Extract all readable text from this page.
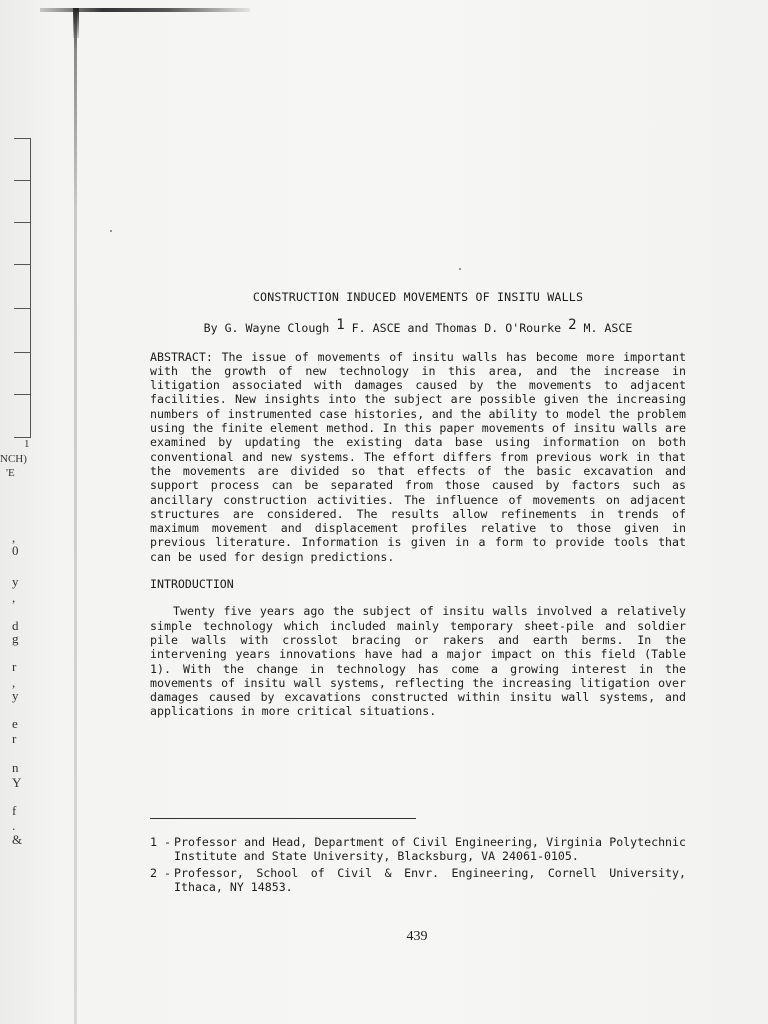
1
NCH)
'E
,
0
y
,
d
g
r
,
y
e
r
n
Y
f
.
&
CONSTRUCTION INDUCED MOVEMENTS OF INSITU WALLS
By G. Wayne Clough $^1$ F. ASCE and Thomas D. O'Rourke $^2$ M. ASCE
ABSTRACT: The issue of movements of insitu walls has become more important with the growth of new technology in this area, and the increase in litigation associated with damages caused by the movements to adjacent facilities. New insights into the subject are possible given the increasing numbers of instrumented case histories, and the ability to model the problem using the finite element method. In this paper movements of insitu walls are examined by updating the existing data base using information on both conventional and new systems. The effort differs from previous work in that the movements are divided so that effects of the basic excavation and support process can be separated from those caused by factors such as ancillary construction activities. The influence of movements on adjacent structures are considered. The results allow refinements in trends of maximum movement and displacement profiles relative to those given in previous literature. Information is given in a form to provide tools that can be used for design predictions.
INTRODUCTION
Twenty five years ago the subject of insitu walls involved a relatively simple technology which included mainly temporary sheet-pile and soldier pile walls with crosslot bracing or rakers and earth berms. In the intervening years innovations have had a major impact on this field (Table 1). With the change in technology has come a growing interest in the movements of insitu wall systems, reflecting the increasing litigation over damages caused by excavations constructed within insitu wall systems, and applications in more critical situations.
1 - Professor and Head, Department of Civil Engineering, Virginia Polytechnic Institute and State University, Blacksburg, VA 24061-0105.
2 - Professor, School of Civil & Envr. Engineering, Cornell University, Ithaca, NY 14853.
439
